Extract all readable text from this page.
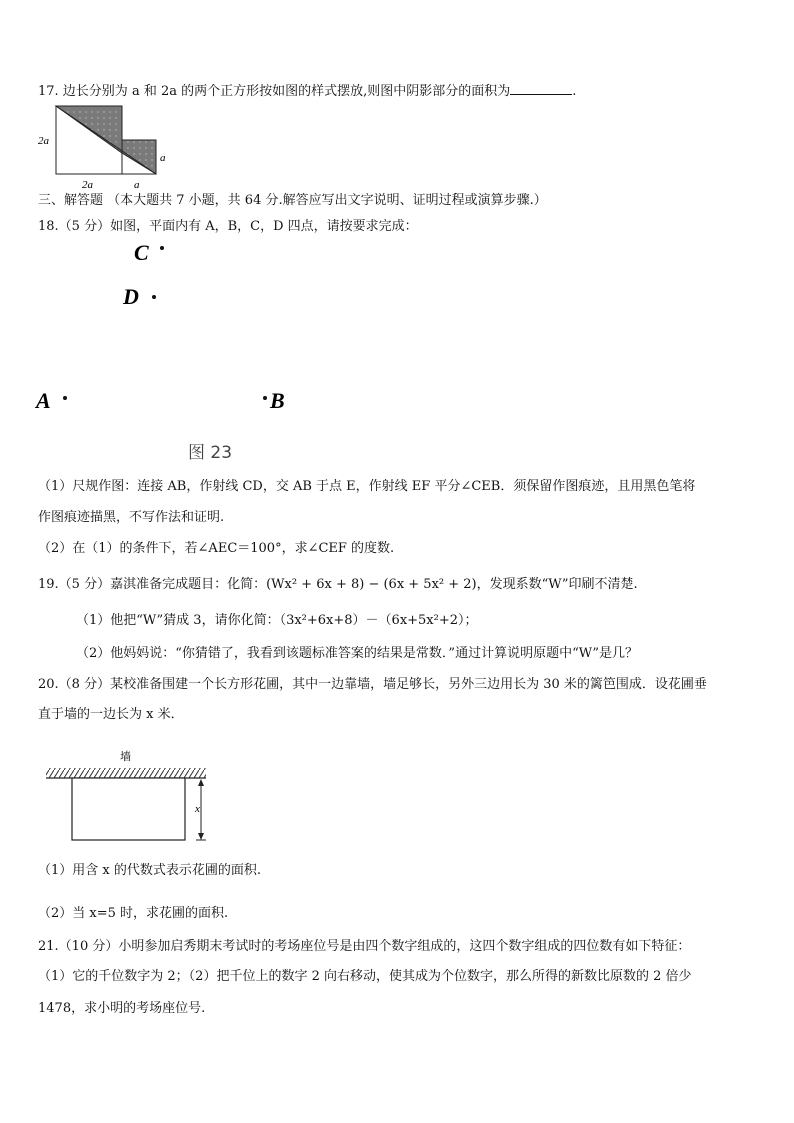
17. 边长分别为 a 和 2a 的两个正方形按如图的样式摆放,则图中阴影部分的面积为	.
2a
2a	a
a
三、解答题 （本大题共 7 小题，共 64 分.解答应写出文字说明、证明过程或演算步骤.）
18.（5 分）如图，平面内有 A，B，C，D 四点，请按要求完成：
C
D
A	B
图 23
（1）尺规作图：连接 AB，作射线 CD，交 AB 于点 E，作射线 EF 平分∠CEB．须保留作图痕迹，且用黑色笔将
作图痕迹描黑，不写作法和证明.
（2）在（1）的条件下，若∠AEC＝100°，求∠CEF 的度数.
19.（5 分）嘉淇准备完成题目：化简：(Wx² + 6x + 8) − (6x + 5x² + 2)，发现系数“W”印刷不清楚.
（1）他把“W”猜成 3，请你化简：（3x²+6x+8）－（6x+5x²+2）；
（2）他妈妈说：“你猜错了，我看到该题标准答案的结果是常数．”通过计算说明原题中“W”是几？
20.（8 分）某校准备围建一个长方形花圃，其中一边靠墙，墙足够长，另外三边用长为 30 米的篱笆围成．设花圃垂
直于墙的一边长为 x 米．
墙
x
（1）用含 x 的代数式表示花圃的面积.
（2）当 x=5 时，求花圃的面积.
21.（10 分）小明参加启秀期末考试时的考场座位号是由四个数字组成的，这四个数字组成的四位数有如下特征：
（1）它的千位数字为 2；（2）把千位上的数字 2 向右移动，使其成为个位数字，那么所得的新数比原数的 2 倍少
1478，求小明的考场座位号.
